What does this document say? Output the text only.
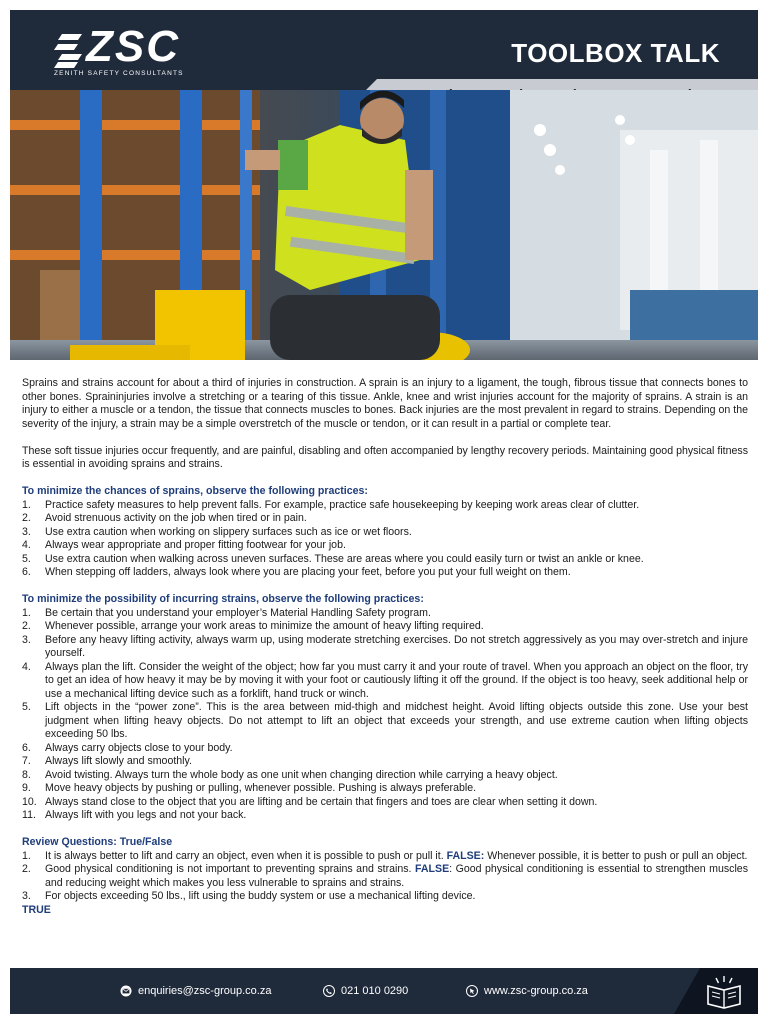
ZSC
ZENITH SAFETY CONSULTANTS
TOOLBOX TALK

Sprains and strains account for about a third of injuries in construction. A sprain is an injury to a ligament, the tough, fibrous tissue that connects bones to other bones. Spraininjuries involve a stretching or a tearing of this tissue. Ankle, knee and wrist injuries account for the majority of sprains. A strain is an injury to either a muscle or a tendon, the tissue that connects muscles to bones. Back injuries are the most prevalent in regard to strains. Depending on the severity of the injury, a strain may be a simple overstretch of the muscle or tendon, or it can result in a partial or complete tear.

These soft tissue injuries occur frequently, and are painful, disabling and often accompanied by lengthy recovery periods. Maintaining good physical fitness is essential in avoiding sprains and strains.

To minimize the chances of sprains, observe the following practices:
1. Practice safety measures to help prevent falls. For example, practice safe housekeeping by keeping work areas clear of clutter.
2. Avoid strenuous activity on the job when tired or in pain.
3. Use extra caution when working on slippery surfaces such as ice or wet floors.
4. Always wear appropriate and proper fitting footwear for your job.
5. Use extra caution when walking across uneven surfaces. These are areas where you could easily turn or twist an ankle or knee.
6. When stepping off ladders, always look where you are placing your feet, before you put your full weight on them.
To minimize the possibility of incurring strains, observe the following practices:
1. Be certain that you understand your employer’s Material Handling Safety program.
2. Whenever possible, arrange your work areas to minimize the amount of heavy lifting required.
3. Before any heavy lifting activity, always warm up, using moderate stretching exercises. Do not stretch aggressively as you may over-stretch and injure yourself.
4. Always plan the lift. Consider the weight of the object; how far you must carry it and your route of travel. When you approach an object on the floor, try to get an idea of how heavy it may be by moving it with your foot or cautiously lifting it off the ground. If the object is too heavy, seek additional help or use a mechanical lifting device such as a forklift, hand truck or winch.
5. Lift objects in the “power zone”. This is the area between mid-thigh and midchest height. Avoid lifting objects outside this zone. Use your best judgment when lifting heavy objects. Do not attempt to lift an object that exceeds your strength, and use extreme caution when lifting objects exceeding 50 lbs.
6. Always carry objects close to your body.
7. Always lift slowly and smoothly.
8. Avoid twisting. Always turn the whole body as one unit when changing direction while carrying a heavy object.
9. Move heavy objects by pushing or pulling, whenever possible. Pushing is always preferable.
10. Always stand close to the object that you are lifting and be certain that fingers and toes are clear when setting it down.
11. Always lift with you legs and not your back.
Review Questions: True/False
1. It is always better to lift and carry an object, even when it is possible to push or pull it. FALSE: Whenever possible, it is better to push or pull an object.
2. Good physical conditioning is not important to preventing sprains and strains. FALSE: Good physical conditioning is essential to strengthen muscles and reducing weight which makes you less vulnerable to sprains and strains.
3. For objects exceeding 50 lbs., lift using the buddy system or use a mechanical lifting device.
TRUE
enquiries@zsc-group.co.za	021 010 0290	www.zsc-group.co.za
